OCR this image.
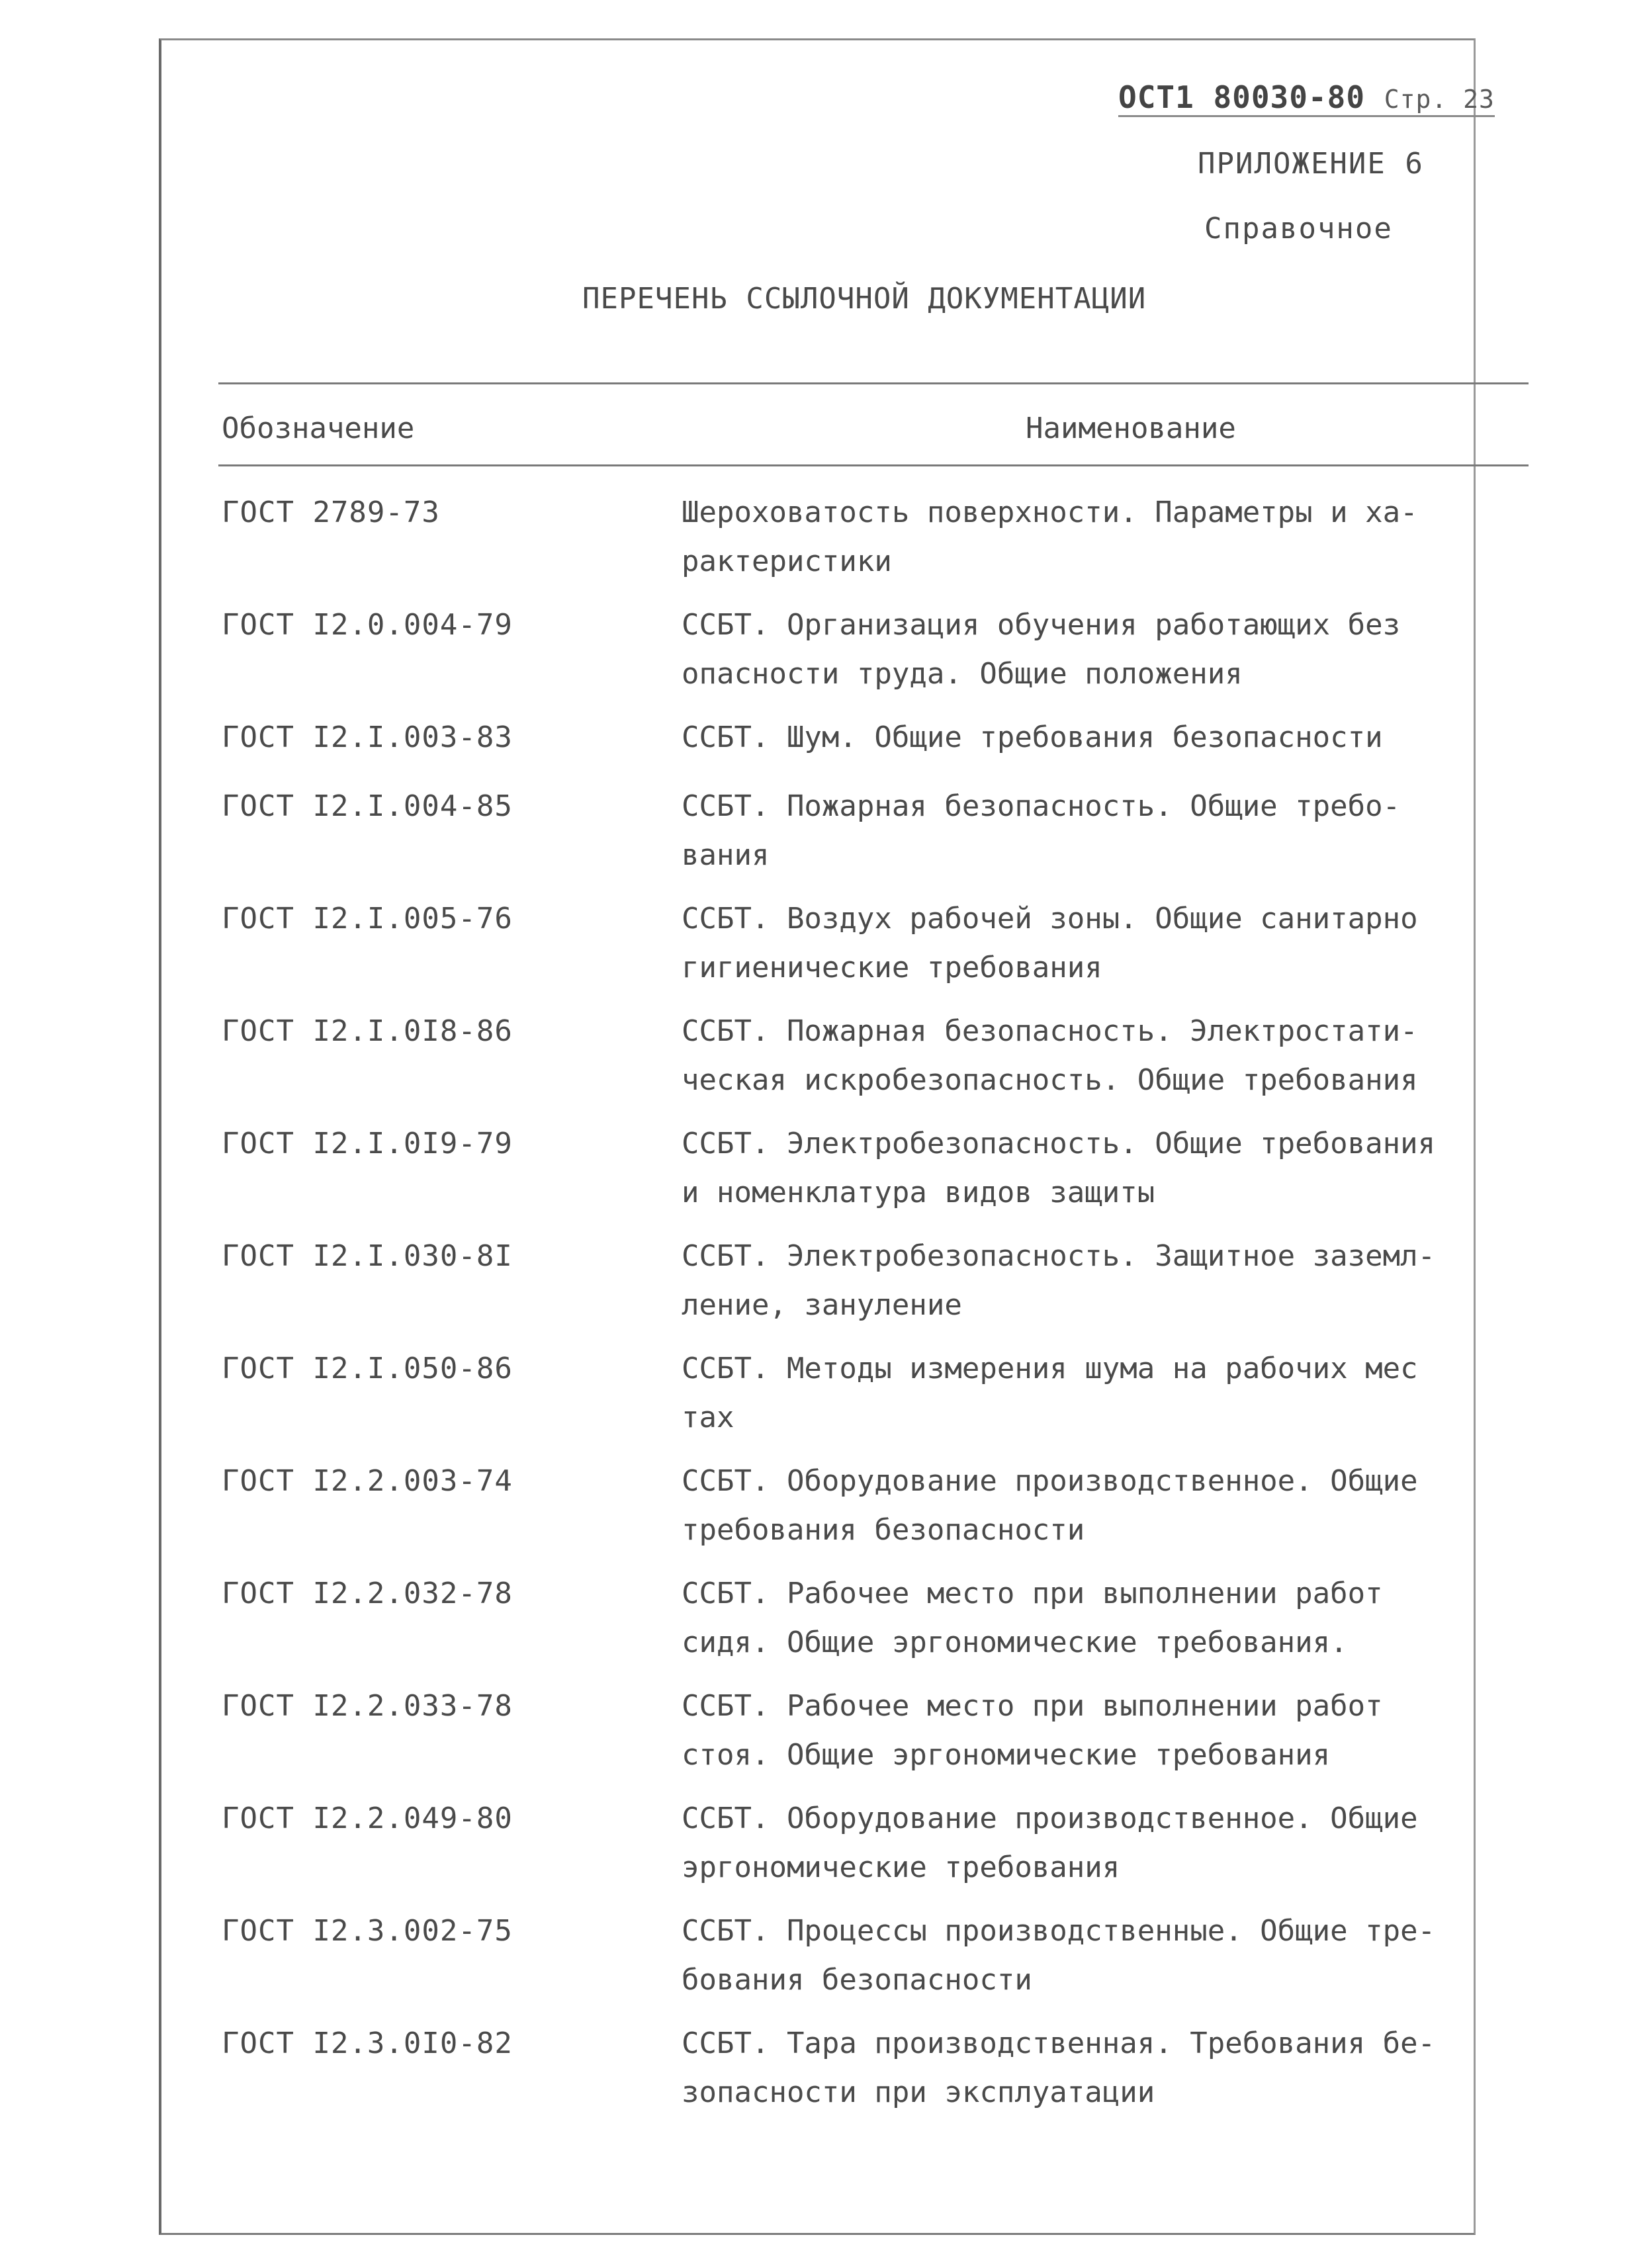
ОСТ1 80030-80 Стр. 23
ПРИЛОЖЕНИЕ 6
Справочное
ПЕРЕЧЕНЬ ССЫЛОЧНОЙ ДОКУМЕНТАЦИИ
Обозначение	Наименование
ГОСТ 2789-73	Шероховатость поверхности. Параметры и ха-
рактеристики
ГОСТ I2.0.004-79	ССБТ. Организация обучения работающих без
опасности труда. Общие положения
ГОСТ I2.I.003-83	ССБТ. Шум. Общие требования безопасности
ГОСТ I2.I.004-85	ССБТ. Пожарная безопасность. Общие требо-
вания
ГОСТ I2.I.005-76	ССБТ. Воздух рабочей зоны. Общие санитарно
гигиенические требования
ГОСТ I2.I.0I8-86	ССБТ. Пожарная безопасность. Электростати-
ческая искробезопасность. Общие требования
ГОСТ I2.I.0I9-79	ССБТ. Электробезопасность. Общие требования
и номенклатура видов защиты
ГОСТ I2.I.030-8I	ССБТ. Электробезопасность. Защитное заземл-
ление, зануление
ГОСТ I2.I.050-86	ССБТ. Методы измерения шума на рабочих мес
тах
ГОСТ I2.2.003-74	ССБТ. Оборудование производственное. Общие
требования безопасности
ГОСТ I2.2.032-78	ССБТ. Рабочее место при выполнении работ
сидя. Общие эргономические требования.
ГОСТ I2.2.033-78	ССБТ. Рабочее место при выполнении работ
стоя. Общие эргономические требования
ГОСТ I2.2.049-80	ССБТ. Оборудование производственное. Общие
эргономические требования
ГОСТ I2.3.002-75	ССБТ. Процессы производственные. Общие тре-
бования безопасности
ГОСТ I2.3.0I0-82	ССБТ. Тара производственная. Требования бе-
зопасности при эксплуатации
